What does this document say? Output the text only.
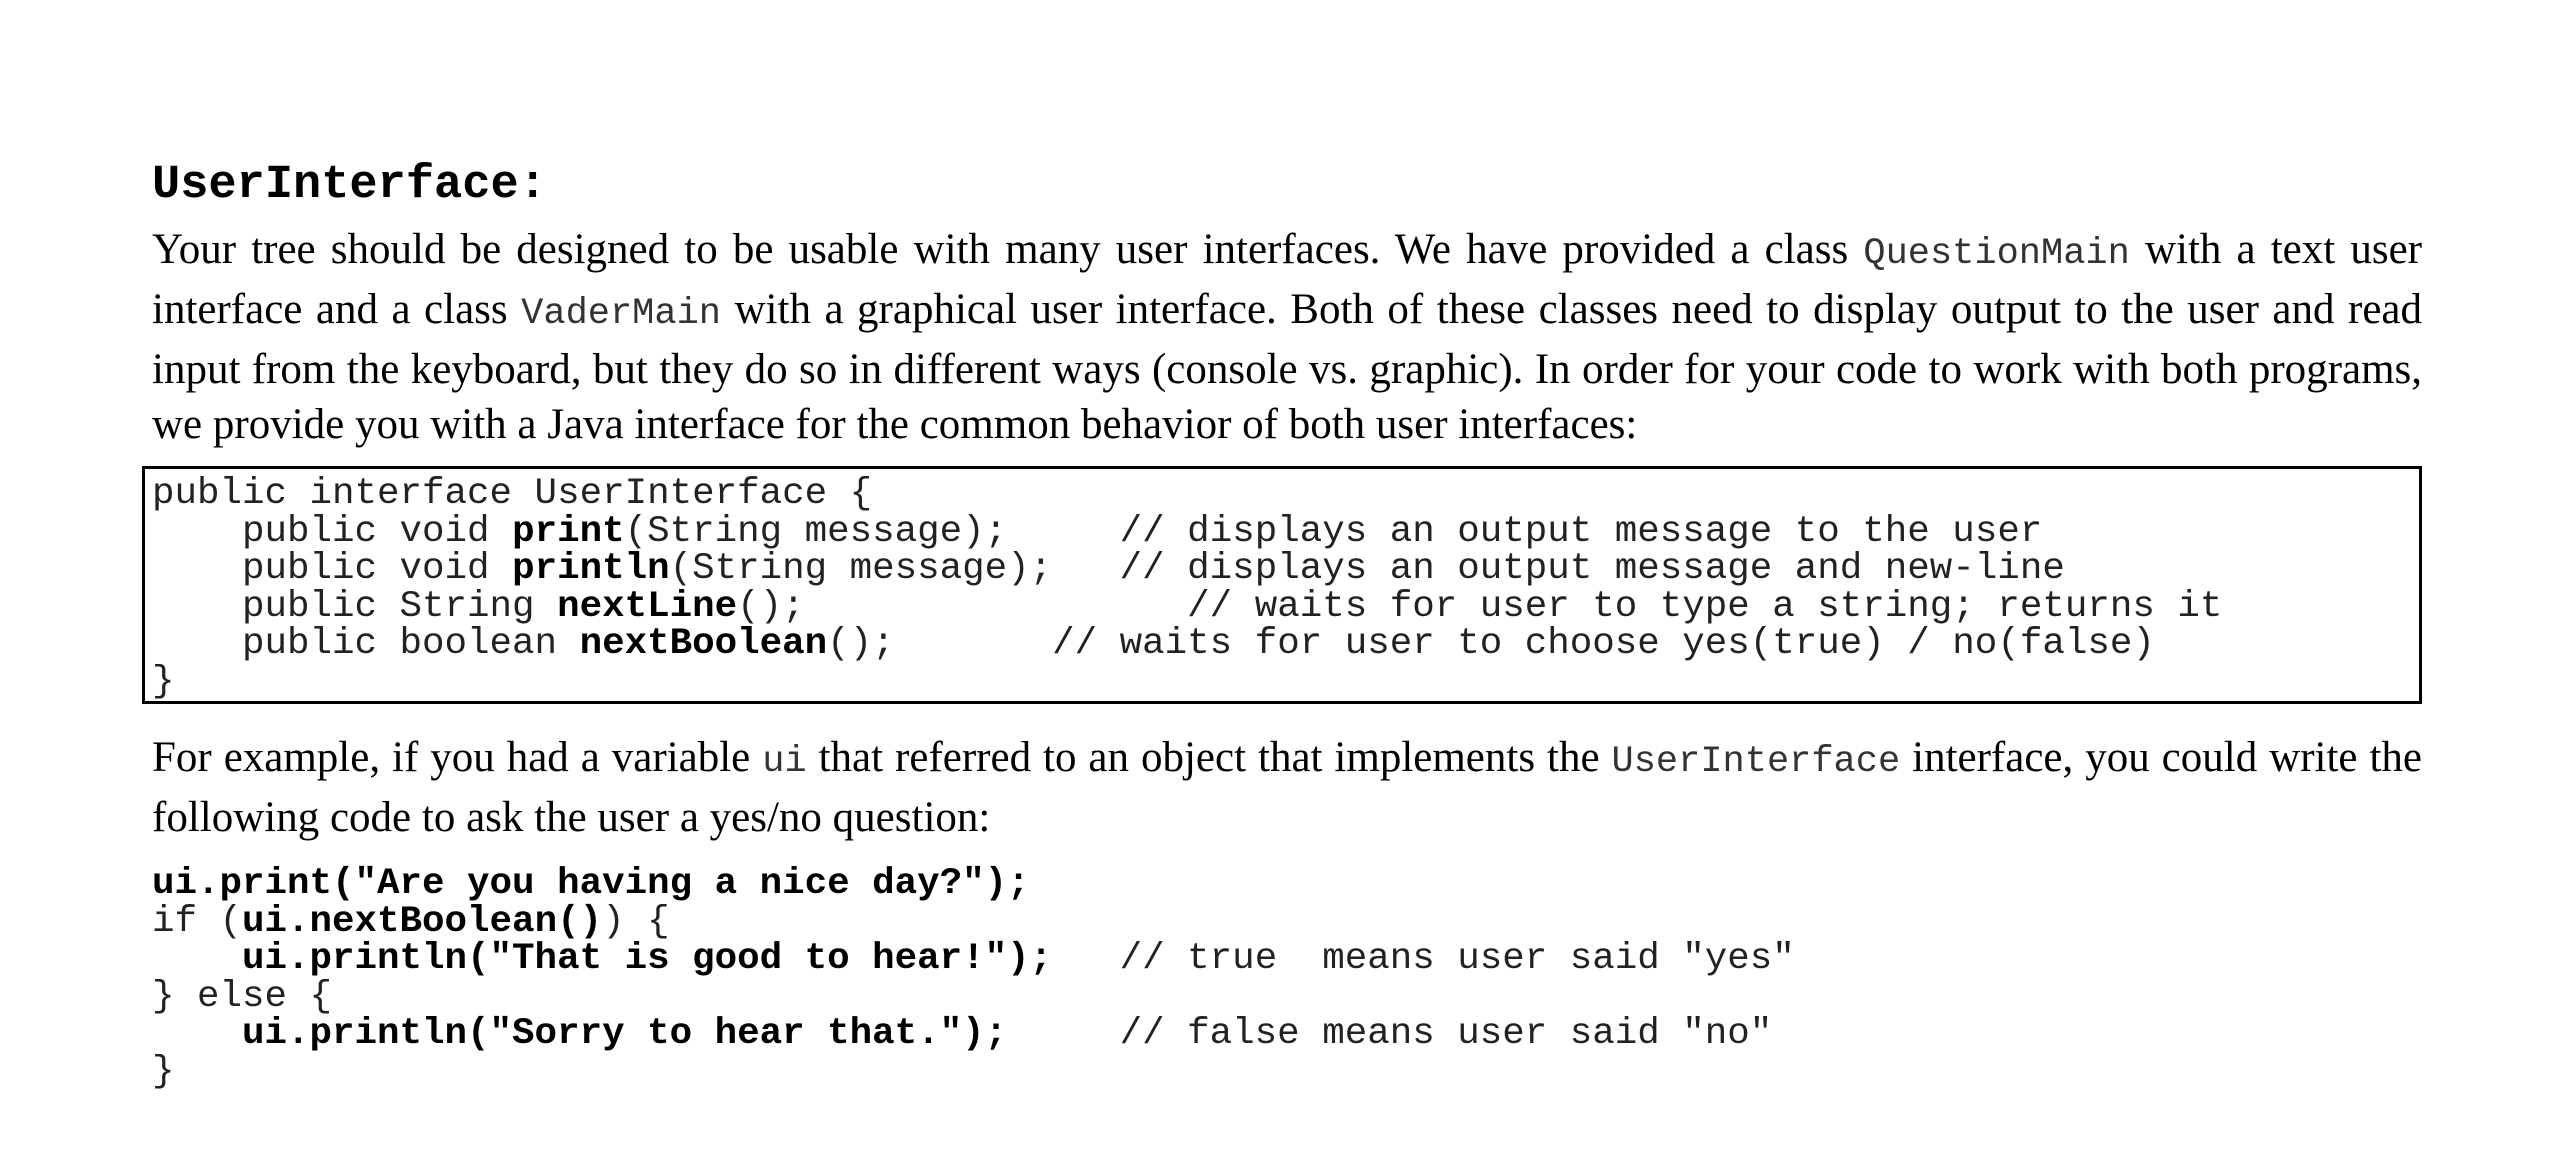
UserInterface:

Your tree should be designed to be usable with many user interfaces. We have provided a class QuestionMain with a text user interface and a class VaderMain with a graphical user interface. Both of these classes need to display output to the user and read input from the keyboard, but they do so in different ways (console vs. graphic). In order for your code to work with both programs, we provide you with a Java interface for the common behavior of both user interfaces:

public interface UserInterface {
public void print(String message);     // displays an output message to the user
public void println(String message);   // displays an output message and new-line
public String nextLine();                 // waits for user to type a string; returns it
public boolean nextBoolean();       // waits for user to choose yes(true) / no(false)
}

For example, if you had a variable ui that referred to an object that implements the UserInterface interface, you could write the following code to ask the user a yes/no question:

ui.print("Are you having a nice day?");
if (ui.nextBoolean()) {
ui.println("That is good to hear!");   // true  means user said "yes"
} else {
ui.println("Sorry to hear that.");     // false means user said "no"
}
